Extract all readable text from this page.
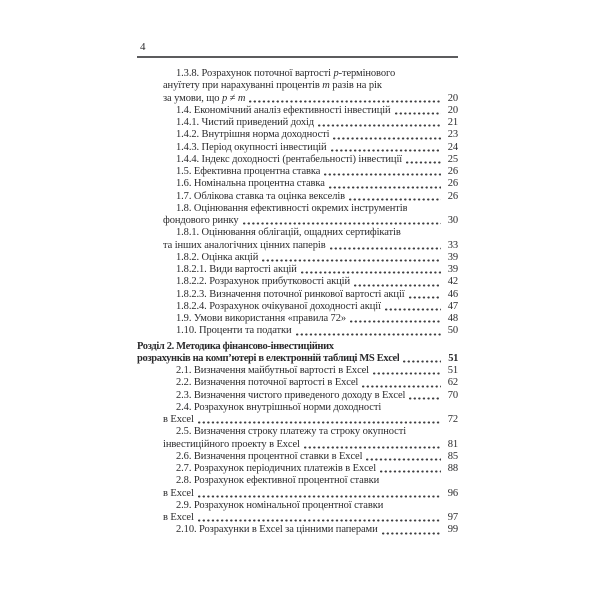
4
1.3.8. Розрахунок поточної вартості p-термінового
ануїтету при нарахуванні процентів m разів на рік
за умови, що p ≠ m	20
1.4. Економічний аналіз ефективності інвестицій	20
1.4.1. Чистий приведений дохід	21
1.4.2. Внутрішня норма доходності	23
1.4.3. Період окупності інвестицій	24
1.4.4. Індекс доходності (рентабельності) інвестиції	25
1.5. Ефективна процентна ставка	26
1.6. Номінальна процентна ставка	26
1.7. Облікова ставка та оцінка векселів	26
1.8. Оцінювання ефективності окремих інструментів
фондового ринку	30
1.8.1. Оцінювання облігацій, ощадних сертифікатів
та інших аналогічних цінних паперів	33
1.8.2. Оцінка акцій	39
1.8.2.1. Види вартості акцій	39
1.8.2.2. Розрахунок прибутковості акцій	42
1.8.2.3. Визначення поточної ринкової вартості акції	46
1.8.2.4. Розрахунок очікуваної доходності акції	47
1.9. Умови використання «правила 72»	48
1.10. Проценти та податки	50
Розділ 2. Методика фінансово-інвестиційних
розрахунків на комп’ютері в електронній таблиці MS Excel	51
2.1. Визначення майбутньої вартості в Excel	51
2.2. Визначення поточної вартості в Excel	62
2.3. Визначення чистого приведеного доходу в Excel	70
2.4. Розрахунок внутрішньої норми доходності
в Excel	72
2.5. Визначення строку платежу та строку окупності
інвестиційного проекту в Excel	81
2.6. Визначення процентної ставки в Excel	85
2.7. Розрахунок періодичних платежів в Excel	88
2.8. Розрахунок ефективної процентної ставки
в Excel	96
2.9. Розрахунок номінальної процентної ставки
в Excel	97
2.10. Розрахунки в Excel за цінними паперами	99
